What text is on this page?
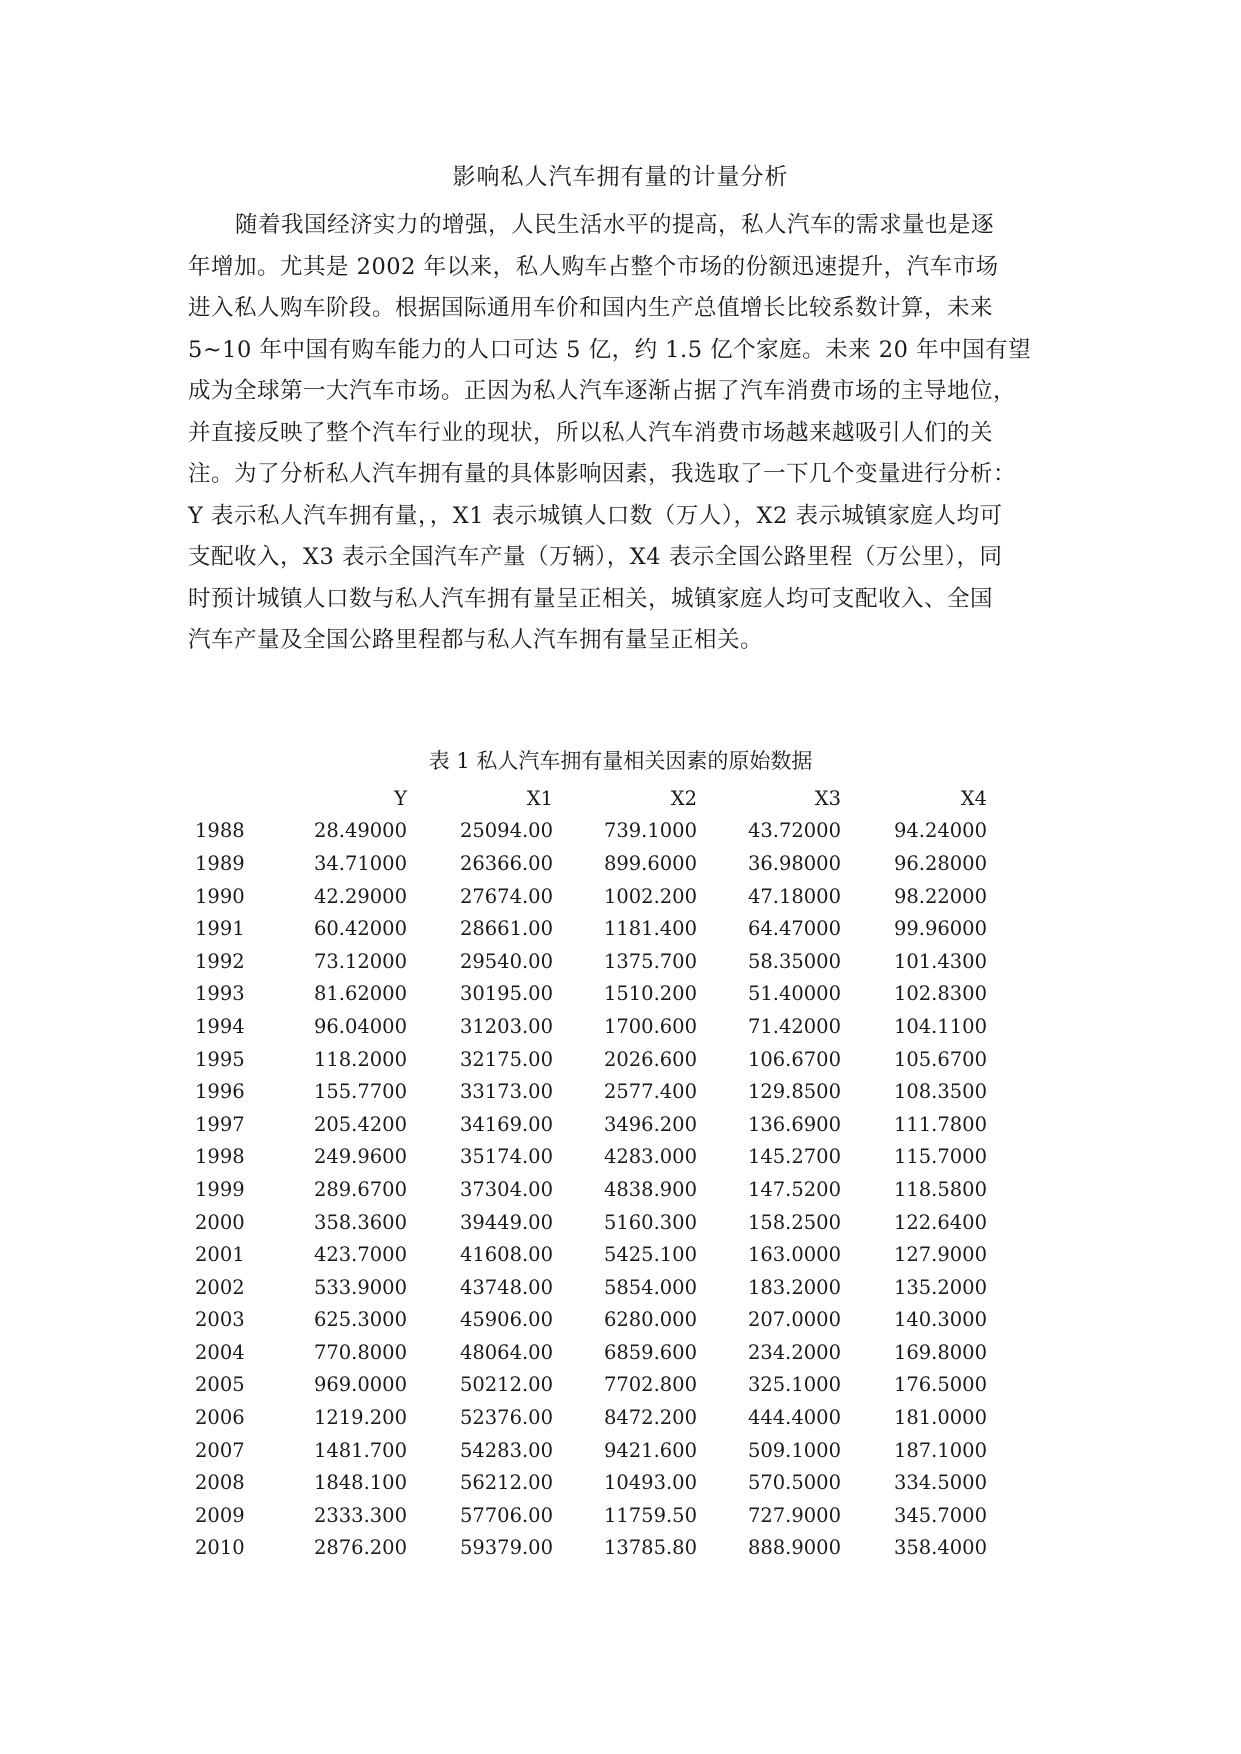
影响私人汽车拥有量的计量分析
随着我国经济实力的增强，人民生活水平的提高，私人汽车的需求量也是逐
年增加。尤其是 2002 年以来，私人购车占整个市场的份额迅速提升，汽车市场
进入私人购车阶段。根据国际通用车价和国内生产总值增长比较系数计算，未来
5~10 年中国有购车能力的人口可达 5 亿，约 1.5 亿个家庭。未来 20 年中国有望
成为全球第一大汽车市场。正因为私人汽车逐渐占据了汽车消费市场的主导地位，
并直接反映了整个汽车行业的现状，所以私人汽车消费市场越来越吸引人们的关
注。为了分析私人汽车拥有量的具体影响因素，我选取了一下几个变量进行分析：
Y 表示私人汽车拥有量，，X1 表示城镇人口数（万人），X2 表示城镇家庭人均可
支配收入，X3 表示全国汽车产量（万辆），X4 表示全国公路里程（万公里），同
时预计城镇人口数与私人汽车拥有量呈正相关，城镇家庭人均可支配收入、全国
汽车产量及全国公路里程都与私人汽车拥有量呈正相关。
表 1 私人汽车拥有量相关因素的原始数据
	Y	X1	X2	X3	X4
1988	28.49000	25094.00	739.1000	43.72000	94.24000
1989	34.71000	26366.00	899.6000	36.98000	96.28000
1990	42.29000	27674.00	1002.200	47.18000	98.22000
1991	60.42000	28661.00	1181.400	64.47000	99.96000
1992	73.12000	29540.00	1375.700	58.35000	101.4300
1993	81.62000	30195.00	1510.200	51.40000	102.8300
1994	96.04000	31203.00	1700.600	71.42000	104.1100
1995	118.2000	32175.00	2026.600	106.6700	105.6700
1996	155.7700	33173.00	2577.400	129.8500	108.3500
1997	205.4200	34169.00	3496.200	136.6900	111.7800
1998	249.9600	35174.00	4283.000	145.2700	115.7000
1999	289.6700	37304.00	4838.900	147.5200	118.5800
2000	358.3600	39449.00	5160.300	158.2500	122.6400
2001	423.7000	41608.00	5425.100	163.0000	127.9000
2002	533.9000	43748.00	5854.000	183.2000	135.2000
2003	625.3000	45906.00	6280.000	207.0000	140.3000
2004	770.8000	48064.00	6859.600	234.2000	169.8000
2005	969.0000	50212.00	7702.800	325.1000	176.5000
2006	1219.200	52376.00	8472.200	444.4000	181.0000
2007	1481.700	54283.00	9421.600	509.1000	187.1000
2008	1848.100	56212.00	10493.00	570.5000	334.5000
2009	2333.300	57706.00	11759.50	727.9000	345.7000
2010	2876.200	59379.00	13785.80	888.9000	358.4000
